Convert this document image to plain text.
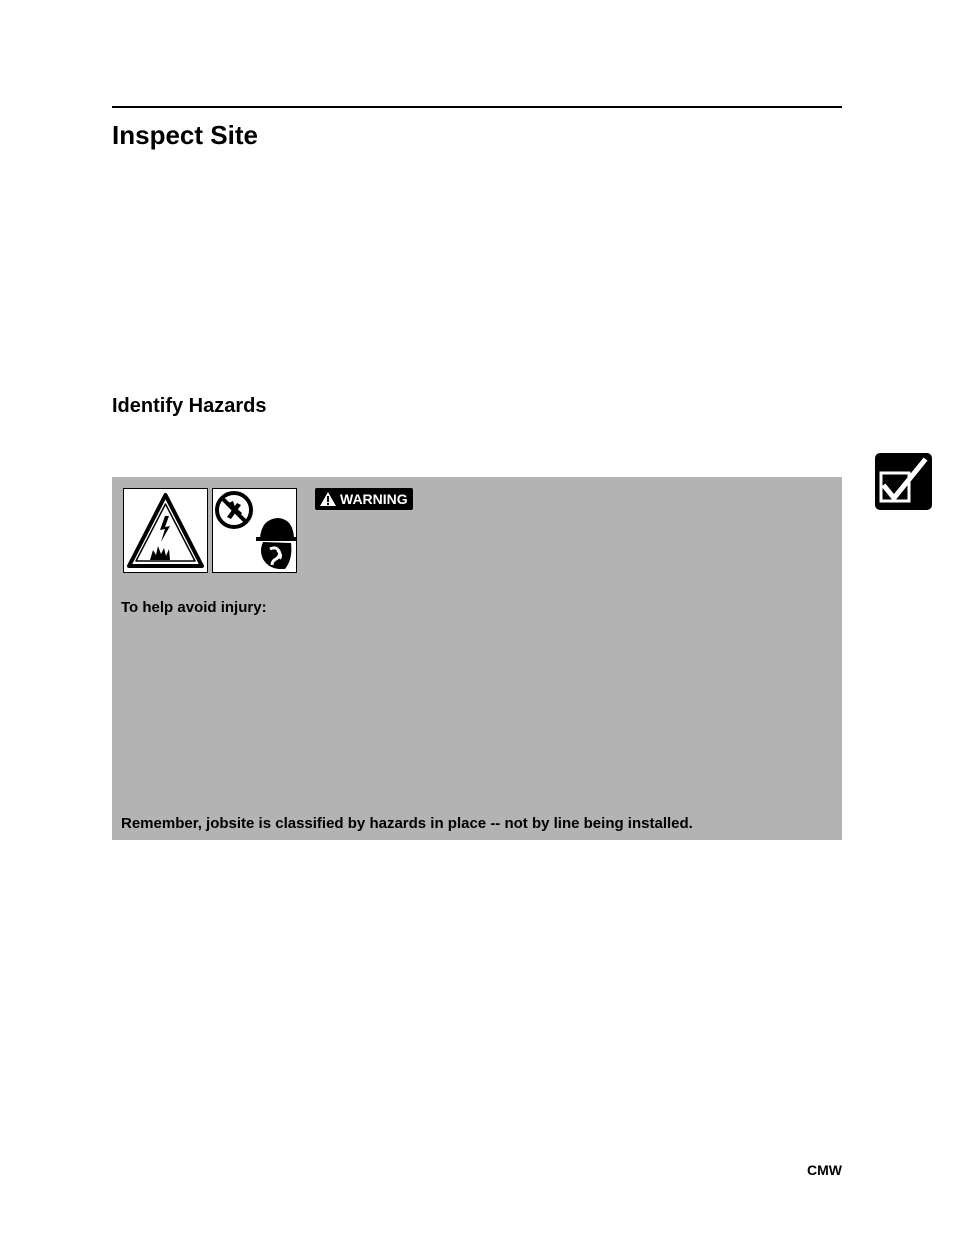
Inspect Site
Identify Hazards
WARNING

To help avoid injury:

Remember, jobsite is classified by hazards in place -- not by line being installed.

CMW
